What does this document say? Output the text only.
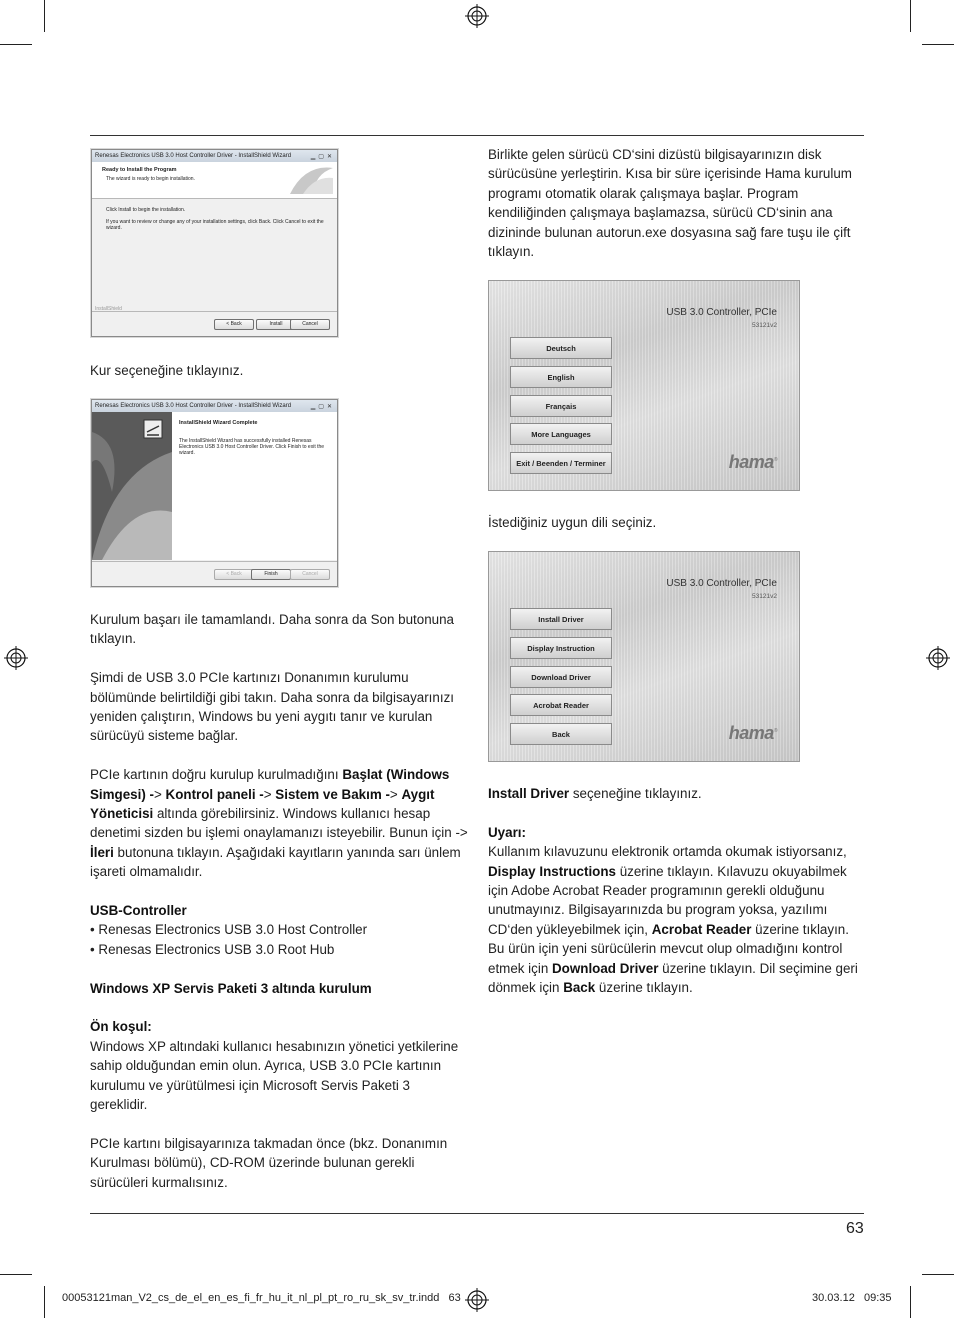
Renesas Electronics USB 3.0 Host Controller Driver - InstallShield Wizard	▁▢✕
Ready to Install the Program
The wizard is ready to begin installation.
Click Install to begin the installation.
If you want to review or change any of your installation settings, click Back. Click Cancel to exit the wizard.
InstallShield
< Back	Install	Cancel
Kur seçeneğine tıklayınız.
Renesas Electronics USB 3.0 Host Controller Driver - InstallShield Wizard	▁▢✕
InstallShield Wizard Complete
The InstallShield Wizard has successfully installed Renesas Electronics USB 3.0 Host Controller Driver. Click Finish to exit the wizard.
< Back	Finish	Cancel

Kurulum başarı ile tamamlandı. Daha sonra da Son butonuna tıklayın.

Şimdi de USB 3.0 PCIe kartınızı Donanımın kurulumu bölümünde belirtildiği gibi takın. Daha sonra da bilgisayarınızı yeniden çalıştırın, Windows bu yeni aygıtı tanır ve kurulan sürücüyü sisteme bağlar.

PCIe kartının doğru kurulup kurulmadığını Başlat (Windows Simgesi) -> Kontrol paneli -> Sistem ve Bakım -> Aygıt Yöneticisi altında görebilirsiniz. Windows kullanıcı hesap denetimi sizden bu işlemi onaylamanızı isteyebilir. Bunun için -> İleri butonuna tıklayın. Aşağıdaki kayıtların yanında sarı ünlem işareti olmamalıdır.

USB-Controller

• Renesas Electronics USB 3.0 Host Controller

• Renesas Electronics USB 3.0 Root Hub

Windows XP Servis Paketi 3 altında kurulum

Ön koşul:

Windows XP altındaki kullanıcı hesabınızın yönetici yetkilerine sahip olduğundan emin olun. Ayrıca, USB 3.0 PCIe kartının kurulumu ve yürütülmesi için Microsoft Servis Paketi 3 gereklidir.

PCIe kartını bilgisayarınıza takmadan önce (bkz. Donanımın Kurulması bölümü), CD-ROM üzerinde bulunan gerekli sürücüleri kurmalısınız.

Birlikte gelen sürücü CD‘sini dizüstü bilgisayarınızın disk sürücüsüne yerleştirin. Kısa bir süre içerisinde Hama kurulum programı otomatik olarak çalışmaya başlar. Program kendiliğinden çalışmaya başlamazsa, sürücü CD‘sinin ana dizininde bulunan autorun.exe dosyasına sağ fare tuşu ile çift tıklayın.
USB 3.0 Controller, PCIe
53121v2
Deutsch
English
Français
More Languages
Exit / Beenden / Terminer	hama®
İstediğiniz uygun dili seçiniz.
USB 3.0 Controller, PCIe
53121v2
Install Driver
Display Instruction
Download Driver
Acrobat Reader
Back	hama®

Install Driver seçeneğine tıklayınız.

Uyarı:

Kullanım kılavuzunu elektronik ortamda okumak istiyorsanız, Display Instructions üzerine tıklayın. Kılavuzu okuyabilmek için Adobe Acrobat Reader programının gerekli olduğunu unutmayınız. Bilgisayarınızda bu program yoksa, yazılımı CD‘den yükleyebilmek için, Acrobat Reader üzerine tıklayın. Bu ürün için yeni sürücülerin mevcut olup olmadığını kontrol etmek için Download Driver üzerine tıklayın. Dil seçimine geri dönmek için Back üzerine tıklayın.

63
00053121man_V2_cs_de_el_en_es_fi_fr_hu_it_nl_pl_pt_ro_ru_sk_sv_tr.indd   63	30.03.12   09:35
